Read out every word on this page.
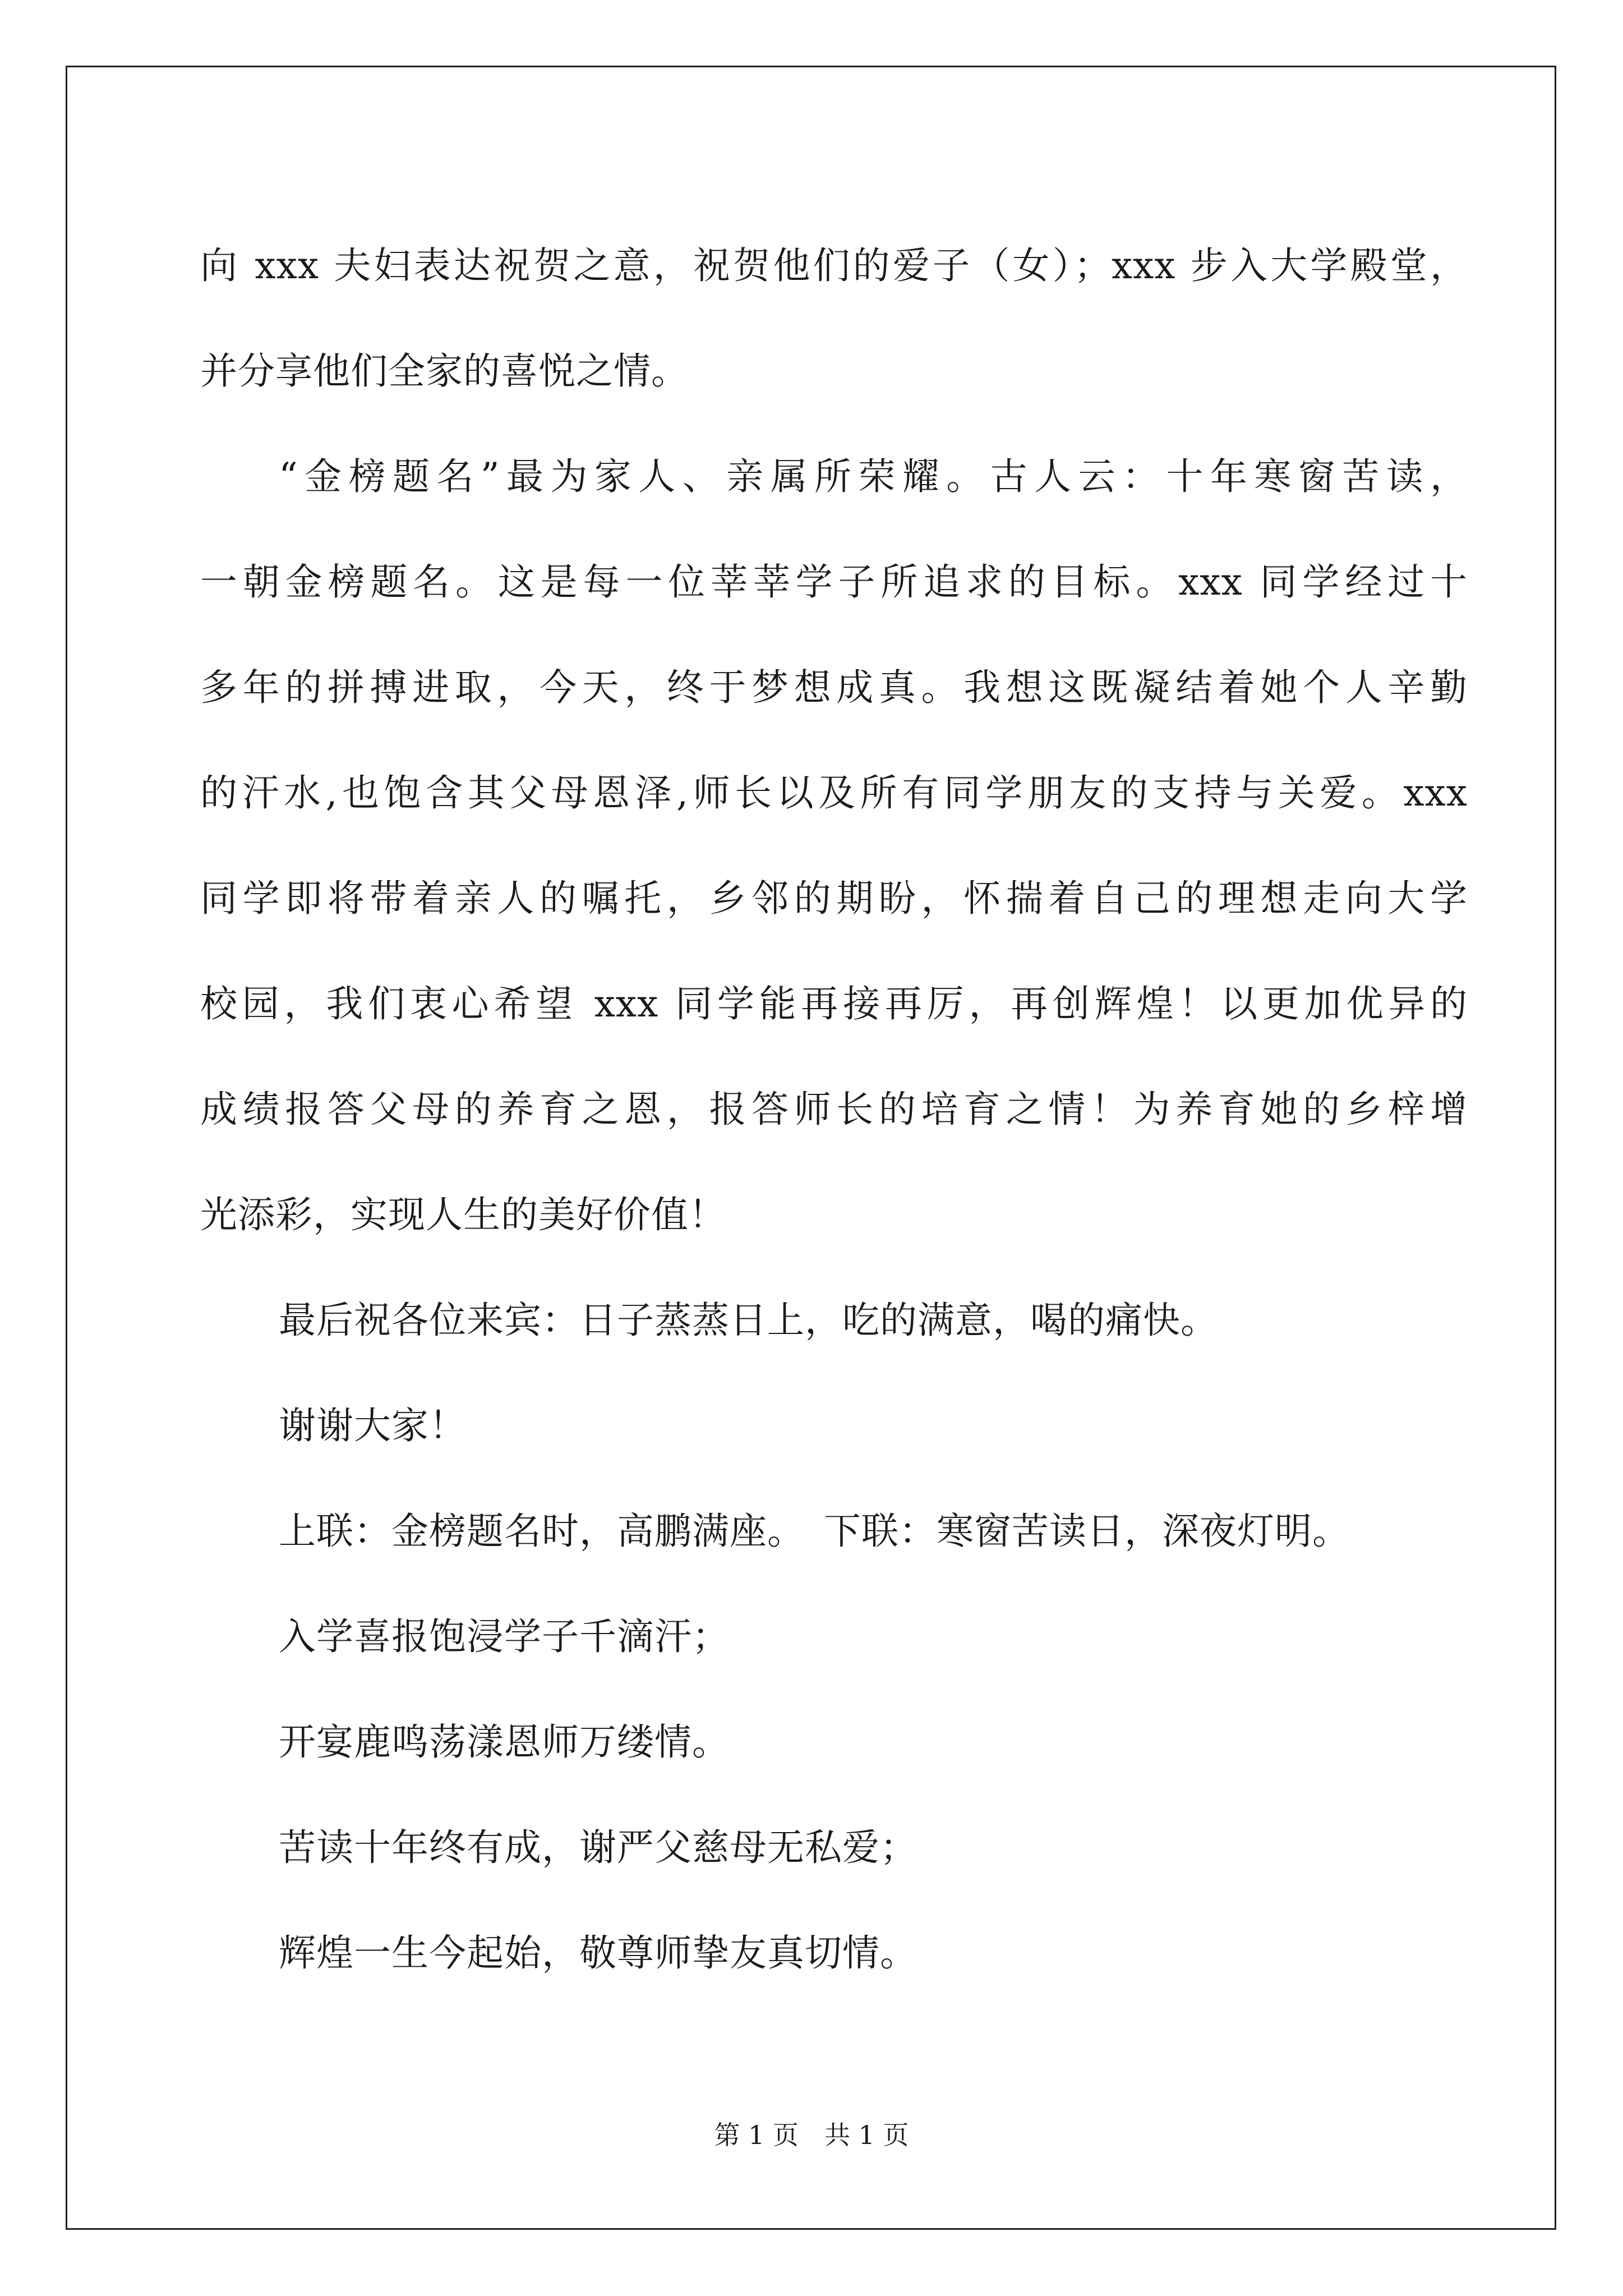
向 xxx 夫妇表达祝贺之意，祝贺他们的爱子（女）；xxx 步入大学殿堂，
并分享他们全家的喜悦之情。
“金榜题名”最为家人、亲属所荣耀。古人云：十年寒窗苦读，
一朝金榜题名。这是每一位莘莘学子所追求的目标。xxx 同学经过十
多年的拼搏进取，今天，终于梦想成真。我想这既凝结着她个人辛勤
的汗水,也饱含其父母恩泽,师长以及所有同学朋友的支持与关爱。xxx
同学即将带着亲人的嘱托，乡邻的期盼，怀揣着自己的理想走向大学
校园，我们衷心希望 xxx 同学能再接再厉，再创辉煌！以更加优异的
成绩报答父母的养育之恩，报答师长的培育之情！为养育她的乡梓增
光添彩，实现人生的美好价值！
最后祝各位来宾：日子蒸蒸日上，吃的满意，喝的痛快。
谢谢大家！
上联：金榜题名时，高鹏满座。　下联：寒窗苦读日，深夜灯明。
入学喜报饱浸学子千滴汗；
开宴鹿鸣荡漾恩师万缕情。
苦读十年终有成，谢严父慈母无私爱；
辉煌一生今起始，敬尊师挚友真切情。
第 1 页　共 1 页
